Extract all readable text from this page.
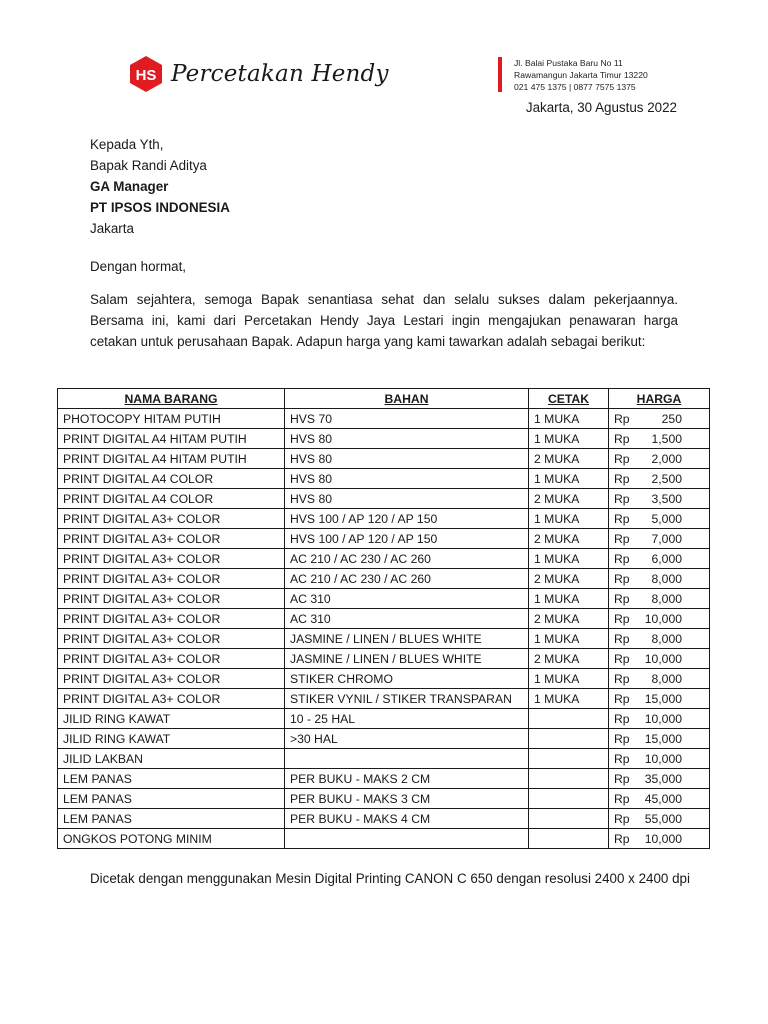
HS Percetakan Hendy	Jl. Balai Pustaka Baru No 11
Rawamangun Jakarta Timur 13220
021 475 1375 | 0877 7575 1375
Jakarta, 30 Agustus 2022
Kepada Yth,
Bapak Randi Aditya
GA Manager
PT IPSOS INDONESIA
Jakarta
Dengan hormat,
Salam sejahtera, semoga Bapak senantiasa sehat dan selalu sukses dalam pekerjaannya. Bersama ini, kami dari Percetakan Hendy Jaya Lestari ingin mengajukan penawaran harga cetakan untuk perusahaan Bapak. Adapun harga yang kami tawarkan adalah sebagai berikut:
NAMA BARANG	BAHAN	CETAK	HARGA
PHOTOCOPY HITAM PUTIH	HVS 70	1 MUKA	Rp 250

PRINT DIGITAL A4 HITAM PUTIH	HVS 80	1 MUKA	Rp 1,500

PRINT DIGITAL A4 HITAM PUTIH	HVS 80	2 MUKA	Rp 2,000

PRINT DIGITAL A4 COLOR	HVS 80	1 MUKA	Rp 2,500

PRINT DIGITAL A4 COLOR	HVS 80	2 MUKA	Rp 3,500

PRINT DIGITAL A3+ COLOR	HVS 100 / AP 120 / AP 150	1 MUKA	Rp 5,000

PRINT DIGITAL A3+ COLOR	HVS 100 / AP 120 / AP 150	2 MUKA	Rp 7,000

PRINT DIGITAL A3+ COLOR	AC 210 / AC 230 / AC 260	1 MUKA	Rp 6,000

PRINT DIGITAL A3+ COLOR	AC 210 / AC 230 / AC 260	2 MUKA	Rp 8,000

PRINT DIGITAL A3+ COLOR	AC 310	1 MUKA	Rp 8,000

PRINT DIGITAL A3+ COLOR	AC 310	2 MUKA	Rp 10,000

PRINT DIGITAL A3+ COLOR	JASMINE / LINEN / BLUES WHITE	1 MUKA	Rp 8,000

PRINT DIGITAL A3+ COLOR	JASMINE / LINEN / BLUES WHITE	2 MUKA	Rp 10,000

PRINT DIGITAL A3+ COLOR	STIKER CHROMO	1 MUKA	Rp 8,000

PRINT DIGITAL A3+ COLOR	STIKER VYNIL / STIKER TRANSPARAN	1 MUKA	Rp 15,000

JILID RING KAWAT	10 - 25 HAL		Rp 10,000

JILID RING KAWAT	>30 HAL		Rp 15,000

JILID LAKBAN			Rp 10,000

LEM PANAS	PER BUKU - MAKS 2 CM		Rp 35,000

LEM PANAS	PER BUKU - MAKS 3 CM		Rp 45,000

LEM PANAS	PER BUKU - MAKS 4 CM		Rp 55,000

ONGKOS POTONG MINIM			Rp 10,000
Dicetak dengan menggunakan Mesin Digital Printing CANON C 650 dengan resolusi 2400 x 2400 dpi
